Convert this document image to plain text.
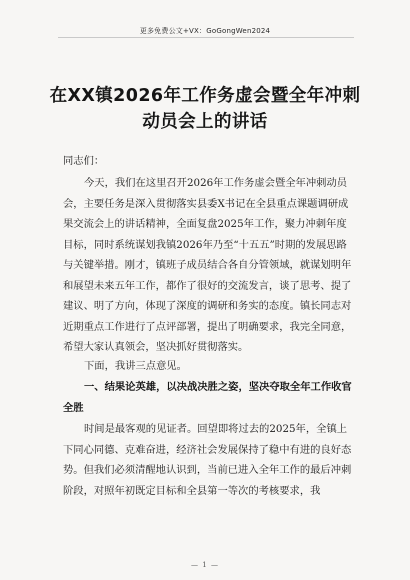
更多免费公文+VX：GoGongWen2024
在XX镇2026年工作务虚会暨全年冲刺
动员会上的讲话
同志们：

今天，我们在这里召开2026年工作务虚会暨全年冲刺动员会，主要任务是深入贯彻落实县委X书记在全县重点课题调研成果交流会上的讲话精神，全面复盘2025年工作，聚力冲刺年度目标，同时系统谋划我镇2026年乃至“十五五”时期的发展思路与关键举措。刚才，镇班子成员结合各自分管领域，就谋划明年和展望未来五年工作，都作了很好的交流发言，谈了思考、提了建议、明了方向，体现了深度的调研和务实的态度。镇长同志对近期重点工作进行了点评部署，提出了明确要求，我完全同意，希望大家认真领会，坚决抓好贯彻落实。

一、结果论英雄，以决战决胜之姿，坚决夺取全年工作收官全胜

下面，我讲三点意见。

时间是最客观的见证者。回望即将过去的2025年，全镇上下同心同德、克难奋进，经济社会发展保持了稳中有进的良好态势。但我们必须清醒地认识到，当前已进入全年工作的最后冲刺阶段，对照年初既定目标和全县第一等次的考核要求，我

— 1 —
